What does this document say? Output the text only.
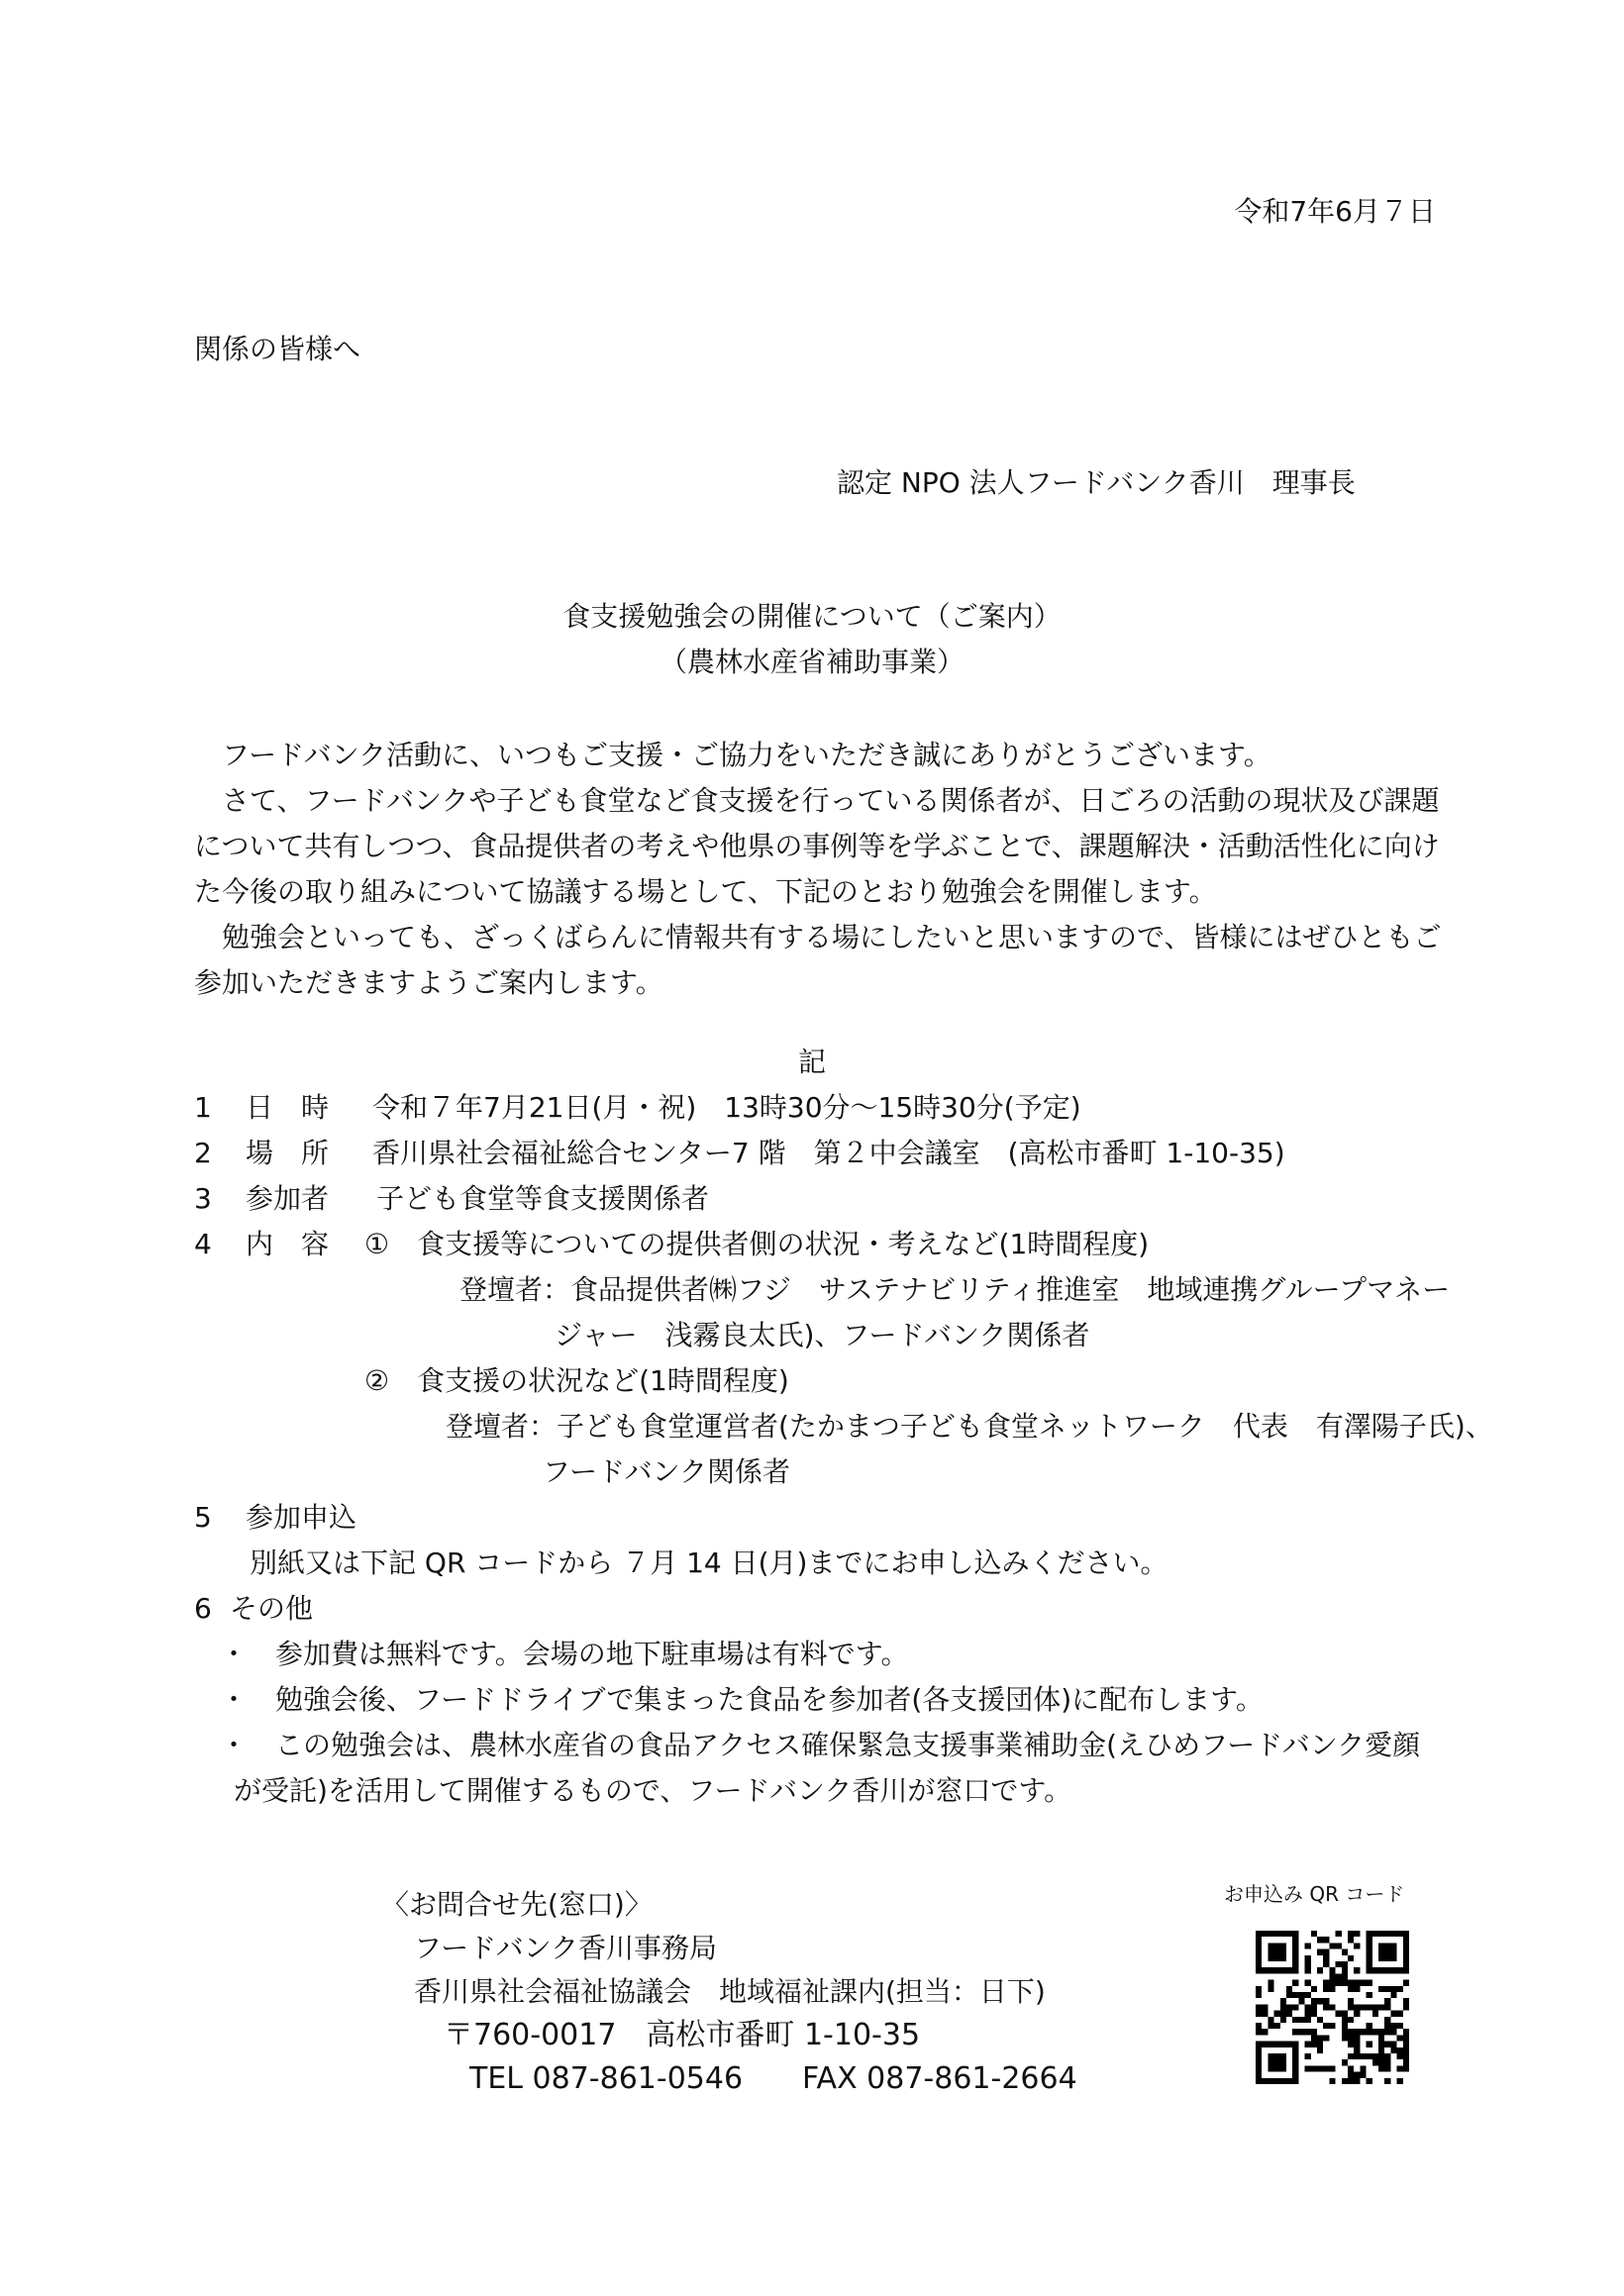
令和7年6月７日
関係の皆様へ
認定 NPO 法人フードバンク香川　理事長
食支援勉強会の開催について（ご案内）
（農林水産省補助事業）
フードバンク活動に、いつもご支援・ご協力をいただき誠にありがとうございます。
さて、フードバンクや子ども食堂など食支援を行っている関係者が、日ごろの活動の現状及び課題について共有しつつ、食品提供者の考えや他県の事例等を学ぶことで、課題解決・活動活性化に向けた今後の取り組みについて協議する場として、下記のとおり勉強会を開催します。
勉強会といっても、ざっくばらんに情報共有する場にしたいと思いますので、皆様にはぜひともご参加いただきますようご案内します。
記
1 日　時 令和７年7月21日(月・祝)　13時30分～15時30分(予定)
2 場　所 香川県社会福祉総合センター7 階　第２中会議室　(高松市番町 1-10-35)
3 参加者 子ども食堂等食支援関係者
4 内　容 ①　食支援等についての提供者側の状況・考えなど(1時間程度)
登壇者：食品提供者㈱フジ　サステナビリティ推進室　地域連携グループマネー
ジャー　浅霧良太氏)、フードバンク関係者
②　食支援の状況など(1時間程度)
登壇者：子ども食堂運営者(たかまつ子ども食堂ネットワーク　代表　有澤陽子氏)、
フードバンク関係者
5 参加申込
別紙又は下記 QR コードから ７月 14 日(月)までにお申し込みください。
6 その他
・　参加費は無料です。会場の地下駐車場は有料です。
・　勉強会後、フードドライブで集まった食品を参加者(各支援団体)に配布します。
・　この勉強会は、農林水産省の食品アクセス確保緊急支援事業補助金(えひめフードバンク愛顔
が受託)を活用して開催するもので、フードバンク香川が窓口です。
〈お問合せ先(窓口)〉
フードバンク香川事務局
香川県社会福祉協議会　地域福祉課内(担当：日下)
〒760-0017　高松市番町 1-10-35
TEL 087-861-0546　　FAX 087-861-2664
お申込み QR コード
